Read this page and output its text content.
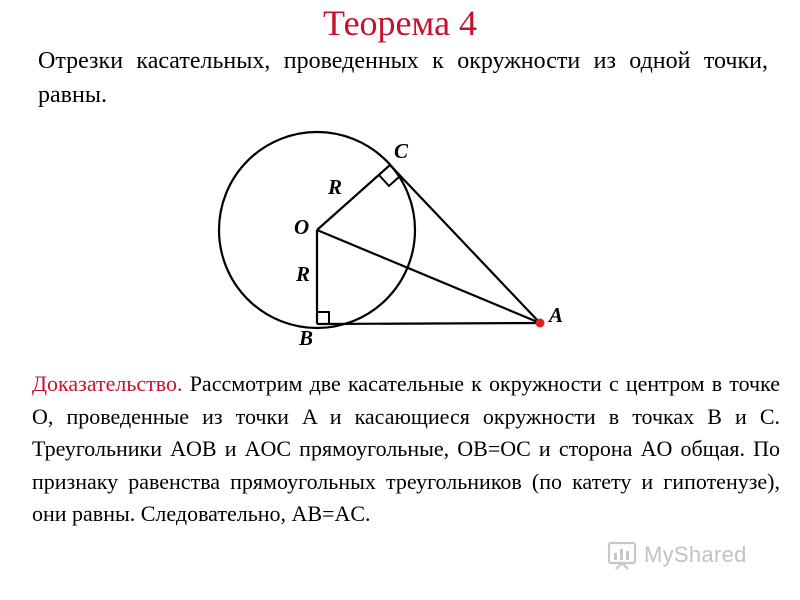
Теорема 4
Отрезки касательных, проведенных к окружности из одной точки, равны.
C
R
O
R
B
A
Доказательство. Рассмотрим две касательные к окружности с центром в точке O, проведенные из точки A и касающиеся окружности в точках B и C. Треугольники AOB и AOC прямоугольные, OB=OC и сторона AO общая. По признаку равенства прямоугольных треугольников (по катету и гипотенузе), они равны. Следовательно, AB=AC.
MyShared
